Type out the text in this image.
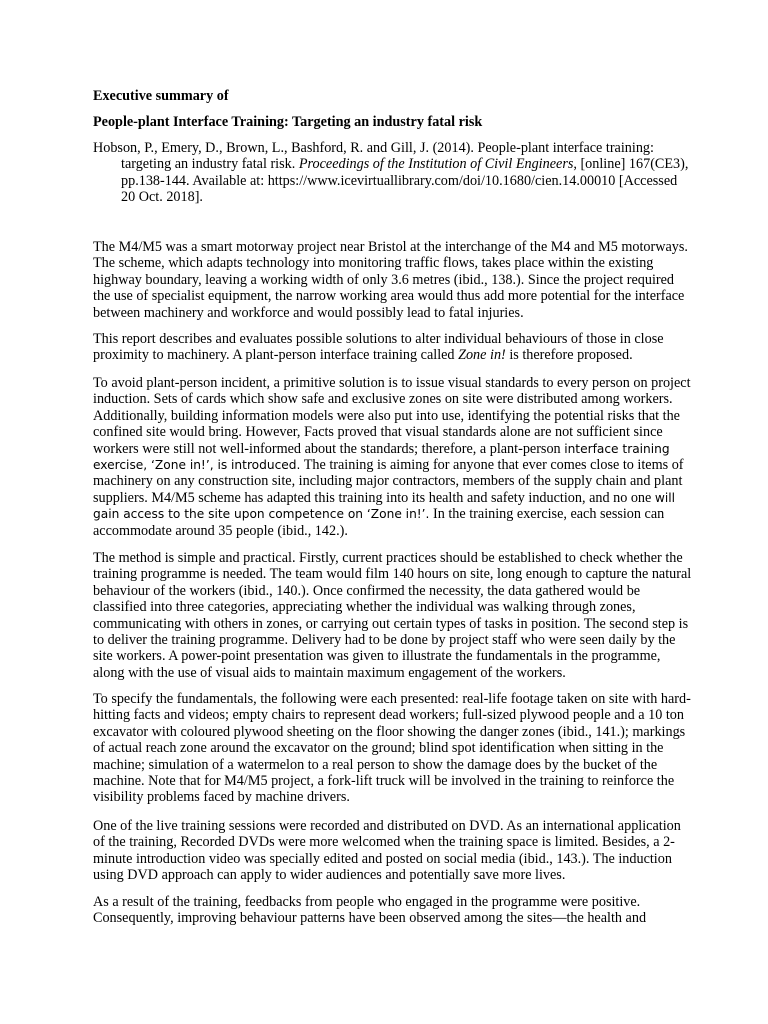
Executive summary of

People-plant Interface Training: Targeting an industry fatal risk

Hobson, P., Emery, D., Brown, L., Bashford, R. and Gill, J. (2014). People-plant interface training: targeting an industry fatal risk. Proceedings of the Institution of Civil Engineers, [online] 167(CE3), pp.138-144. Available at: https://www.icevirtuallibrary.com/doi/10.1680/cien.14.00010 [Accessed 20 Oct. 2018].

The M4/M5 was a smart motorway project near Bristol at the interchange of the M4 and M5 motorways. The scheme, which adapts technology into monitoring traffic flows, takes place within the existing highway boundary, leaving a working width of only 3.6 metres (ibid., 138.). Since the project required the use of specialist equipment, the narrow working area would thus add more potential for the interface between machinery and workforce and would possibly lead to fatal injuries.

This report describes and evaluates possible solutions to alter individual behaviours of those in close proximity to machinery. A plant-person interface training called Zone in! is therefore proposed.

To avoid plant-person incident, a primitive solution is to issue visual standards to every person on project induction. Sets of cards which show safe and exclusive zones on site were distributed among workers. Additionally, building information models were also put into use, identifying the potential risks that the confined site would bring. However, Facts proved that visual standards alone are not sufficient since workers were still not well-informed about the standards; therefore, a plant-person interface training exercise, ‘Zone in!’, is introduced. The training is aiming for anyone that ever comes close to items of machinery on any construction site, including major contractors, members of the supply chain and plant suppliers. M4/M5 scheme has adapted this training into its health and safety induction, and no one will gain access to the site upon competence on ‘Zone in!’. In the training exercise, each session can accommodate around 35 people (ibid., 142.).

The method is simple and practical. Firstly, current practices should be established to check whether the training programme is needed. The team would film 140 hours on site, long enough to capture the natural behaviour of the workers (ibid., 140.). Once confirmed the necessity, the data gathered would be classified into three categories, appreciating whether the individual was walking through zones, communicating with others in zones, or carrying out certain types of tasks in position. The second step is to deliver the training programme. Delivery had to be done by project staff who were seen daily by the site workers. A power-point presentation was given to illustrate the fundamentals in the programme, along with the use of visual aids to maintain maximum engagement of the workers.

To specify the fundamentals, the following were each presented: real-life footage taken on site with hard-hitting facts and videos; empty chairs to represent dead workers; full-sized plywood people and a 10 ton excavator with coloured plywood sheeting on the floor showing the danger zones (ibid., 141.); markings of actual reach zone around the excavator on the ground; blind spot identification when sitting in the machine; simulation of a watermelon to a real person to show the damage does by the bucket of the machine. Note that for M4/M5 project, a fork-lift truck will be involved in the training to reinforce the visibility problems faced by machine drivers.

One of the live training sessions were recorded and distributed on DVD. As an international application of the training, Recorded DVDs were more welcomed when the training space is limited. Besides, a 2-minute introduction video was specially edited and posted on social media (ibid., 143.). The induction using DVD approach can apply to wider audiences and potentially save more lives.

As a result of the training, feedbacks from people who engaged in the programme were positive. Consequently, improving behaviour patterns have been observed among the sites—the health and
